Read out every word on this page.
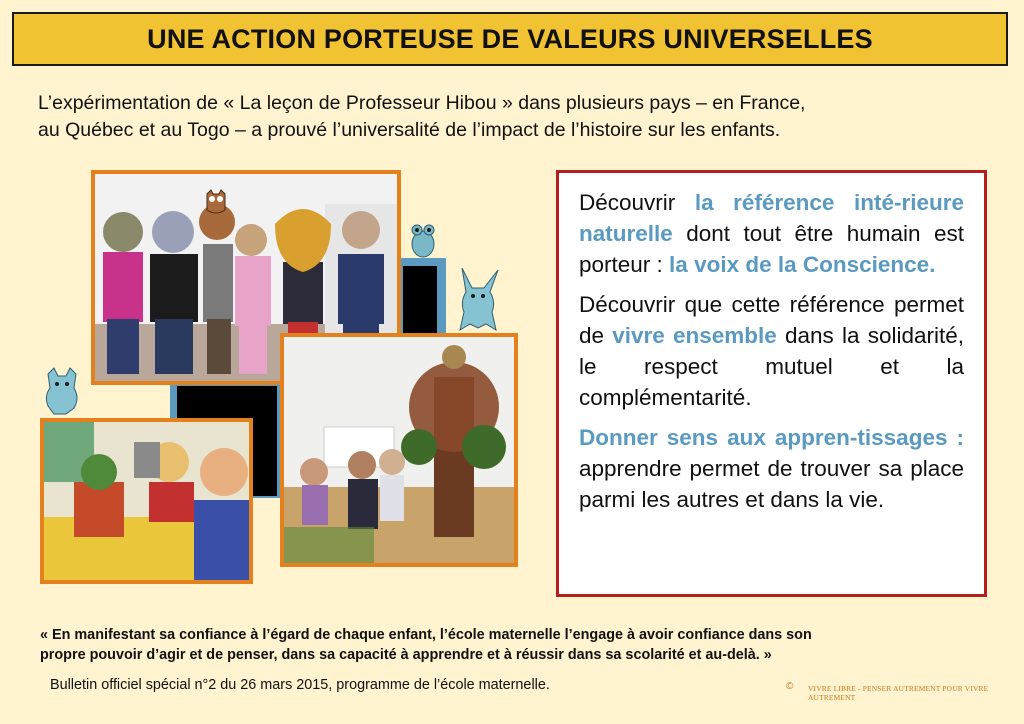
UNE ACTION PORTEUSE DE VALEURS UNIVERSELLES
L’expérimentation de « La leçon de Professeur Hibou » dans plusieurs pays – en France,
au Québec et au Togo – a prouvé l’universalité de l’impact de l’histoire sur les enfants.

Découvrir la référence inté-rieure naturelle dont tout être humain est porteur : la voix de la Conscience.

Découvrir que cette référence permet de vivre ensemble dans la solidarité, le respect mutuel et la complémentarité.

Donner sens aux appren-tissages : apprendre permet de trouver sa place parmi les autres et dans la vie.

« En manifestant sa confiance à l’égard de chaque enfant, l’école maternelle l’engage à avoir confiance dans son
propre pouvoir d’agir et de penser, dans sa capacité à apprendre et à réussir dans sa scolarité et au-delà. »
Bulletin officiel spécial n°2 du 26 mars 2015, programme de l’école maternelle.	© VIVRE LIBRE - PENSER AUTREMENT POUR VIVRE AUTREMENT
